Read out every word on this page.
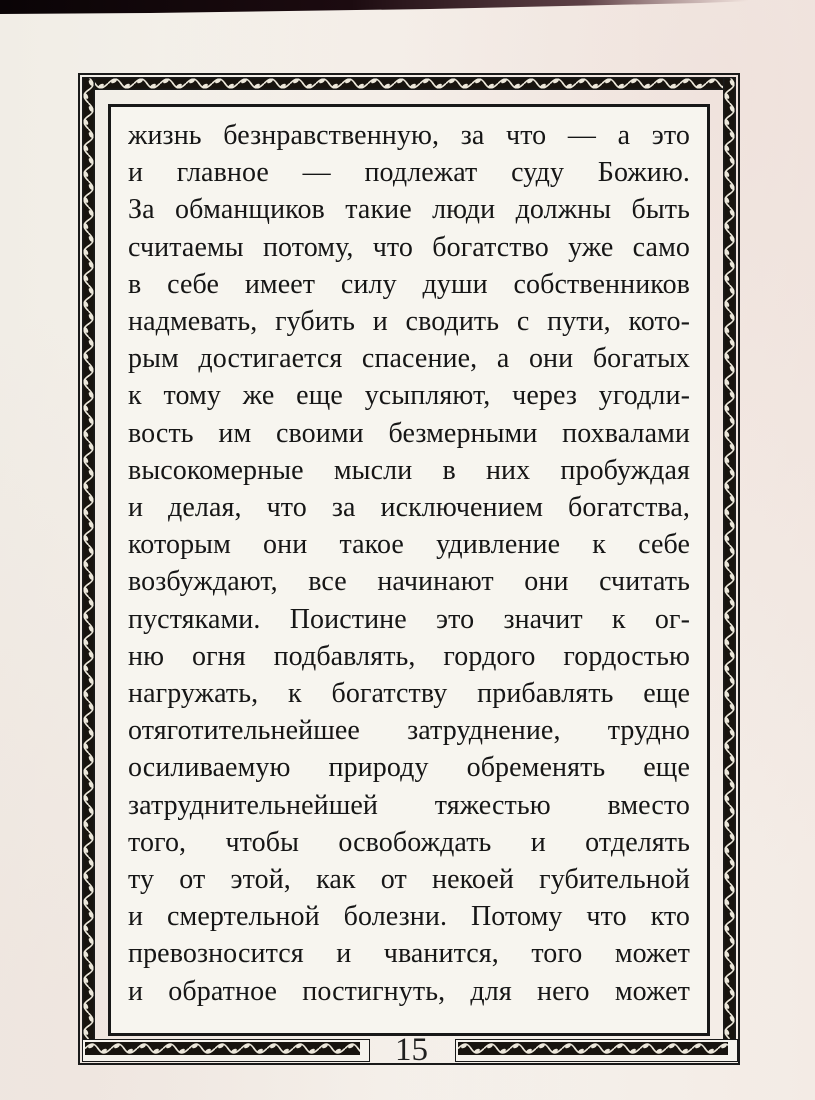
жизнь безнравственную, за что — а это
и главное — подлежат суду Божию.
За обманщиков такие люди должны быть
считаемы потому, что богатство уже само
в себе имеет силу души собственников
надмевать, губить и сводить с пути, кото-
рым достигается спасение, а они богатых
к тому же еще усыпляют, через угодли-
вость им своими безмерными похвалами
высокомерные мысли в них пробуждая
и делая, что за исключением богатства,
которым они такое удивление к себе
возбуждают, все начинают они считать
пустяками. Поистине это значит к ог-
ню огня подбавлять, гордого гордостью
нагружать, к богатству прибавлять еще
отяготительнейшее затруднение, трудно
осиливаемую природу обременять еще
затруднительнейшей тяжестью вместо
того, чтобы освобождать и отделять
ту от этой, как от некоей губительной
и смертельной болезни. Потому что кто
превозносится и чванится, того может
и обратное постигнуть, для него может
15
